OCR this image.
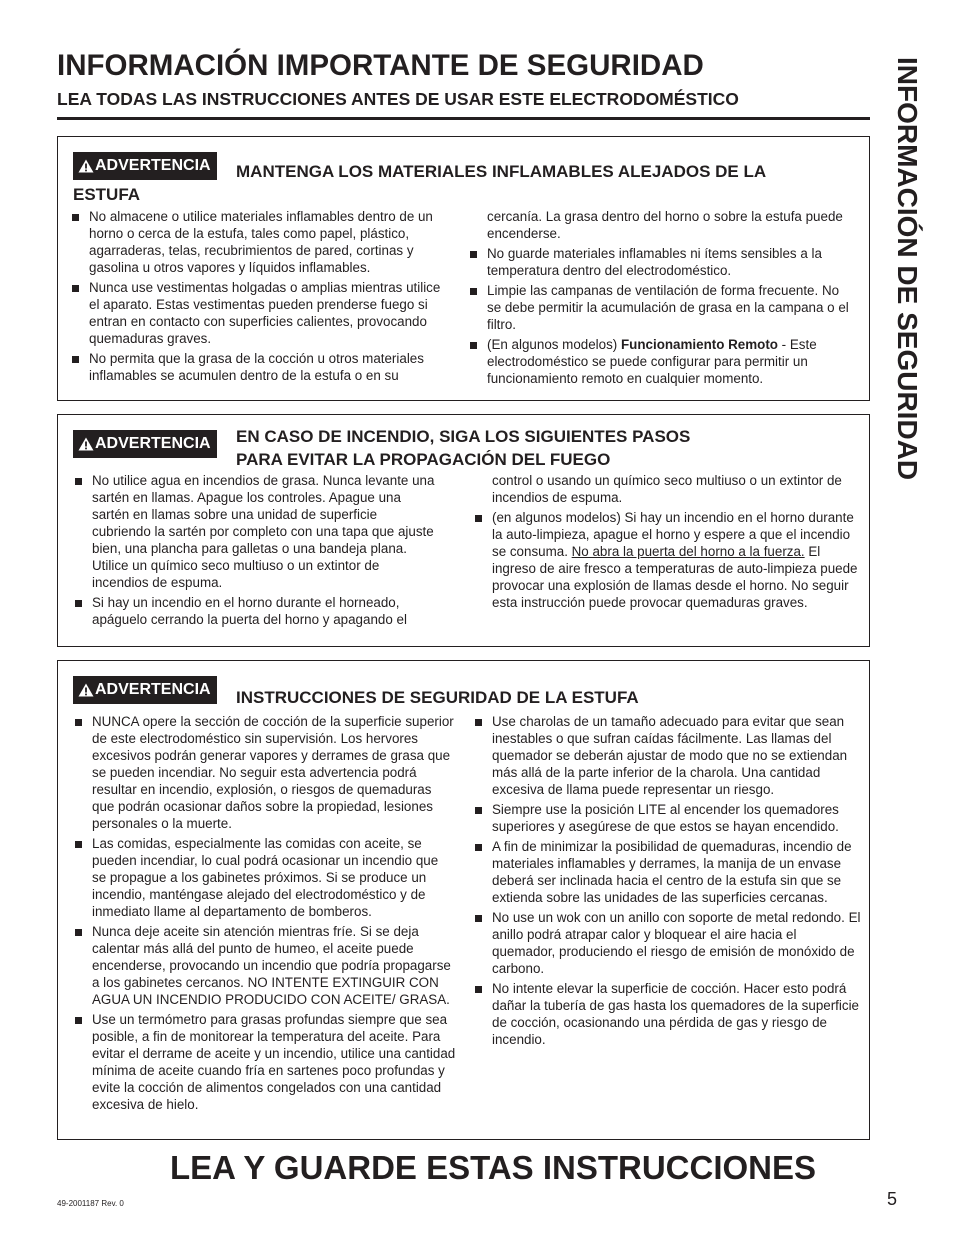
INFORMACIÓN IMPORTANTE DE SEGURIDAD
LEA TODAS LAS INSTRUCCIONES ANTES DE USAR ESTE ELECTRODOMÉSTICO	INFORMACIÓN DE SEGURIDAD
ADVERTENCIA MANTENGA LOS MATERIALES INFLAMABLES ALEJADOS DE LA
ESTUFA
No almacene o utilice materiales inflamables dentro de un horno o cerca de la estufa, tales como papel, plástico, agarraderas, telas, recubrimientos de pared, cortinas y gasolina u otros vapores y líquidos inflamables.
Nunca use vestimentas holgadas o amplias mientras utilice el aparato. Estas vestimentas pueden prenderse fuego si entran en contacto con superficies calientes, provocando quemaduras graves.
No permita que la grasa de la cocción u otros materiales inflamables se acumulen dentro de la estufa o en su
cercanía. La grasa dentro del horno o sobre la estufa puede encenderse.
No guarde materiales inflamables ni ítems sensibles a la temperatura dentro del electrodoméstico.
Limpie las campanas de ventilación de forma frecuente. No se debe permitir la acumulación de grasa en la campana o el filtro.
(En algunos modelos) Funcionamiento Remoto - Este electrodoméstico se puede configurar para permitir un funcionamiento remoto en cualquier momento.
ADVERTENCIA EN CASO DE INCENDIO, SIGA LOS SIGUIENTES PASOS
PARA EVITAR LA PROPAGACIÓN DEL FUEGO
No utilice agua en incendios de grasa. Nunca levante una sartén en llamas. Apague los controles. Apague una sartén en llamas sobre una unidad de superficie cubriendo la sartén por completo con una tapa que ajuste bien, una plancha para galletas o una bandeja plana. Utilice un químico seco multiuso o un extintor de incendios de espuma.
Si hay un incendio en el horno durante el horneado, apáguelo cerrando la puerta del horno y apagando el
control o usando un químico seco multiuso o un extintor de incendios de espuma.
(en algunos modelos) Si hay un incendio en el horno durante la auto-limpieza, apague el horno y espere a que el incendio se consuma. No abra la puerta del horno a la fuerza. El ingreso de aire fresco a temperaturas de auto-limpieza puede provocar una explosión de llamas desde el horno. No seguir esta instrucción puede provocar quemaduras graves.
ADVERTENCIA INSTRUCCIONES DE SEGURIDAD DE LA ESTUFA
NUNCA opere la sección de cocción de la superficie superior de este electrodoméstico sin supervisión. Los hervores excesivos podrán generar vapores y derrames de grasa que se pueden incendiar. No seguir esta advertencia podrá resultar en incendio, explosión, o riesgos de quemaduras que podrán ocasionar daños sobre la propiedad, lesiones personales o la muerte.
Las comidas, especialmente las comidas con aceite, se pueden incendiar, lo cual podrá ocasionar un incendio que se propague a los gabinetes próximos. Si se produce un incendio, manténgase alejado del electrodoméstico y de inmediato llame al departamento de bomberos.
Nunca deje aceite sin atención mientras fríe. Si se deja calentar más allá del punto de humeo, el aceite puede encenderse, provocando un incendio que podría propagarse a los gabinetes cercanos. NO INTENTE EXTINGUIR CON AGUA UN INCENDIO PRODUCIDO CON ACEITE/ GRASA.
Use un termómetro para grasas profundas siempre que sea posible, a fin de monitorear la temperatura del aceite. Para evitar el derrame de aceite y un incendio, utilice una cantidad mínima de aceite cuando fría en sartenes poco profundas y evite la cocción de alimentos congelados con una cantidad excesiva de hielo.
Use charolas de un tamaño adecuado para evitar que sean inestables o que sufran caídas fácilmente. Las llamas del quemador se deberán ajustar de modo que no se extiendan más allá de la parte inferior de la charola. Una cantidad excesiva de llama puede representar un riesgo.
Siempre use la posición LITE al encender los quemadores superiores y asegúrese de que estos se hayan encendido.
A fin de minimizar la posibilidad de quemaduras, incendio de materiales inflamables y derrames, la manija de un envase deberá ser inclinada hacia el centro de la estufa sin que se extienda sobre las unidades de las superficies cercanas.
No use un wok con un anillo con soporte de metal redondo. El anillo podrá atrapar calor y bloquear el aire hacia el quemador, produciendo el riesgo de emisión de monóxido de carbono.
No intente elevar la superficie de cocción. Hacer esto podrá dañar la tubería de gas hasta los quemadores de la superficie de cocción, ocasionando una pérdida de gas y riesgo de incendio.
LEA Y GUARDE ESTAS INSTRUCCIONES
49-2001187 Rev. 0	5
